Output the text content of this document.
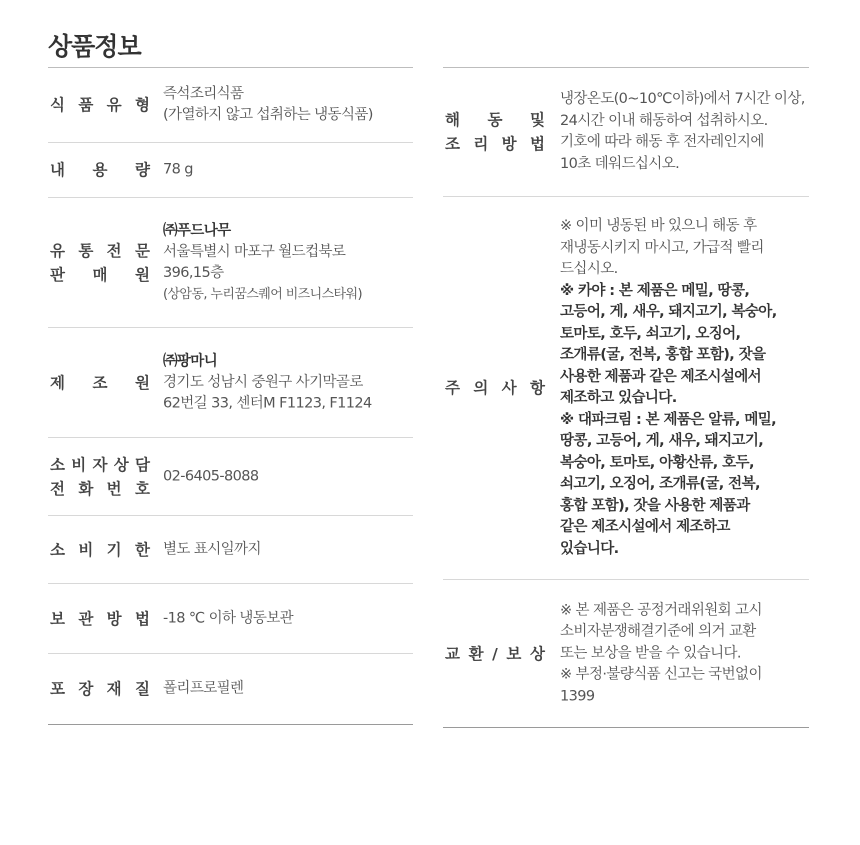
상품정보
식 품 유 형
즉석조리식품
(가열하지 않고 섭취하는 냉동식품)
내 용 량 78 g
유 통 전 문
판 매 원
㈜푸드나무
서울특별시 마포구 월드컵북로
396,15층
(상암동, 누리꿈스퀘어 비즈니스타워)
제 조 원
㈜팡마니
경기도 성남시 중원구 사기막골로
62번길 33, 센터M F1123, F1124
소 비 자 상 담
전 화 번 호
02-6405-8088
소 비 기 한 별도 표시일까지
보 관 방 법 -18 ℃ 이하 냉동보관
포 장 재 질 폴리프로필렌
해 동 및
조 리 방 법
냉장온도(0~10℃이하)에서 7시간 이상,
24시간 이내 해동하여 섭취하시오.
기호에 따라 해동 후 전자레인지에
10초 데워드십시오.
주 의 사 항
※ 이미 냉동된 바 있으니 해동 후
재냉동시키지 마시고, 가급적 빨리
드십시오.
※ 카야 : 본 제품은 메밀, 땅콩,
고등어, 게, 새우, 돼지고기, 복숭아,
토마토, 호두, 쇠고기, 오징어,
조개류(굴, 전복, 홍합 포함), 잣을
사용한 제품과 같은 제조시설에서
제조하고 있습니다.
※ 대파크림 : 본 제품은 알류, 메밀,
땅콩, 고등어, 게, 새우, 돼지고기,
복숭아, 토마토, 아황산류, 호두,
쇠고기, 오징어, 조개류(굴, 전복,
홍합 포함), 잣을 사용한 제품과
같은 제조시설에서 제조하고
있습니다.
교 환 / 보 상
※ 본 제품은 공정거래위원회 고시
소비자분쟁해결기준에 의거 교환
또는 보상을 받을 수 있습니다.
※ 부정·불량식품 신고는 국번없이
1399
